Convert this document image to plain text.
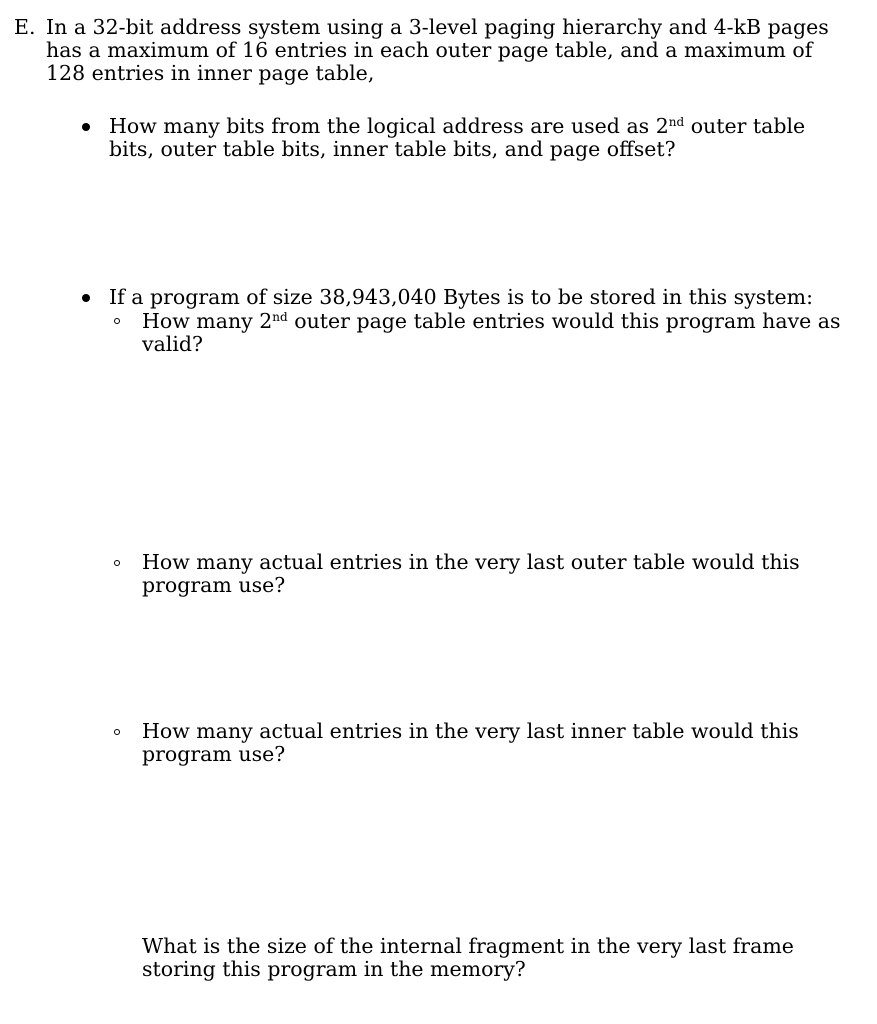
E. In a 32-bit address system using a 3-level paging hierarchy and 4-kB pages has a maximum of 16 entries in each outer page table, and a maximum of 128 entries in inner page table,
How many bits from the logical address are used as 2nd outer table bits, outer table bits, inner table bits, and page offset?
If a program of size 38,943,040 Bytes is to be stored in this system:
How many 2nd outer page table entries would this program have as valid?
How many actual entries in the very last outer table would this program use?
How many actual entries in the very last inner table would this program use?
What is the size of the internal fragment in the very last frame storing this program in the memory?
